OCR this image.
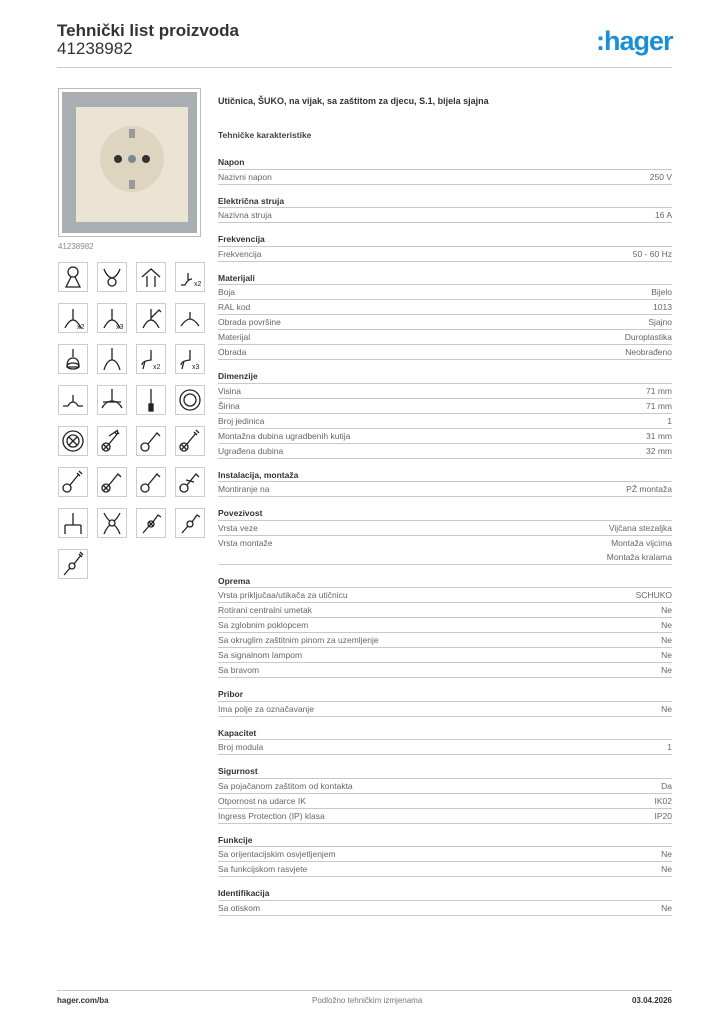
Tehnički list proizvoda
41238982	:hager
41238982
x2
x2	x3
x2	x3
Utičnica, ŠUKO, na vijak, sa zaštitom za djecu, S.1, bijela sjajna
Tehničke karakteristike
Napon
Nazivni napon	250 V
Električna struja
Nazivna struja	16 A
Frekvencija
Frekvencija	50 - 60 Hz
Materijali
Boja	Bijelo
RAL kod	1013
Obrada površine	Sjajno
Materijal	Duroplastika
Obrada	Neobrađeno
Dimenzije
Visina	71 mm
Širina	71 mm
Broj jedinica	1
Montažna dubina ugradbenih kutija	31 mm
Ugrađena dubina	32 mm
Instalacija, montaža
Montiranje na	PŽ montaža
Povezivost
Vrsta veze	Vijčana stezaljka
Vrsta montaže	Montaža vijcima
Montaža kralama
Oprema
Vrsta priključaa/utikača za utičnicu	SCHUKO
Rotirani centralni umetak	Ne
Sa zglobnim poklopcem	Ne
Sa okruglim zaštitnim pinom za uzemljenje	Ne
Sa signalnom lampom	Ne
Sa bravom	Ne
Pribor
Ima polje za označavanje	Ne
Kapacitet
Broj modula	1
Sigurnost
Sa pojačanom zaštitom od kontakta	Da
Otpornost na udarce IK	IK02
Ingress Protection (IP) klasa	IP20
Funkcije
Sa orijentacijskim osvjetljenjem	Ne
Sa funkcijskom rasvjete	Ne
Identifikacija
Sa otiskom	Ne
hager.com/ba	Podložno tehničkim izmjenama	03.04.2026
